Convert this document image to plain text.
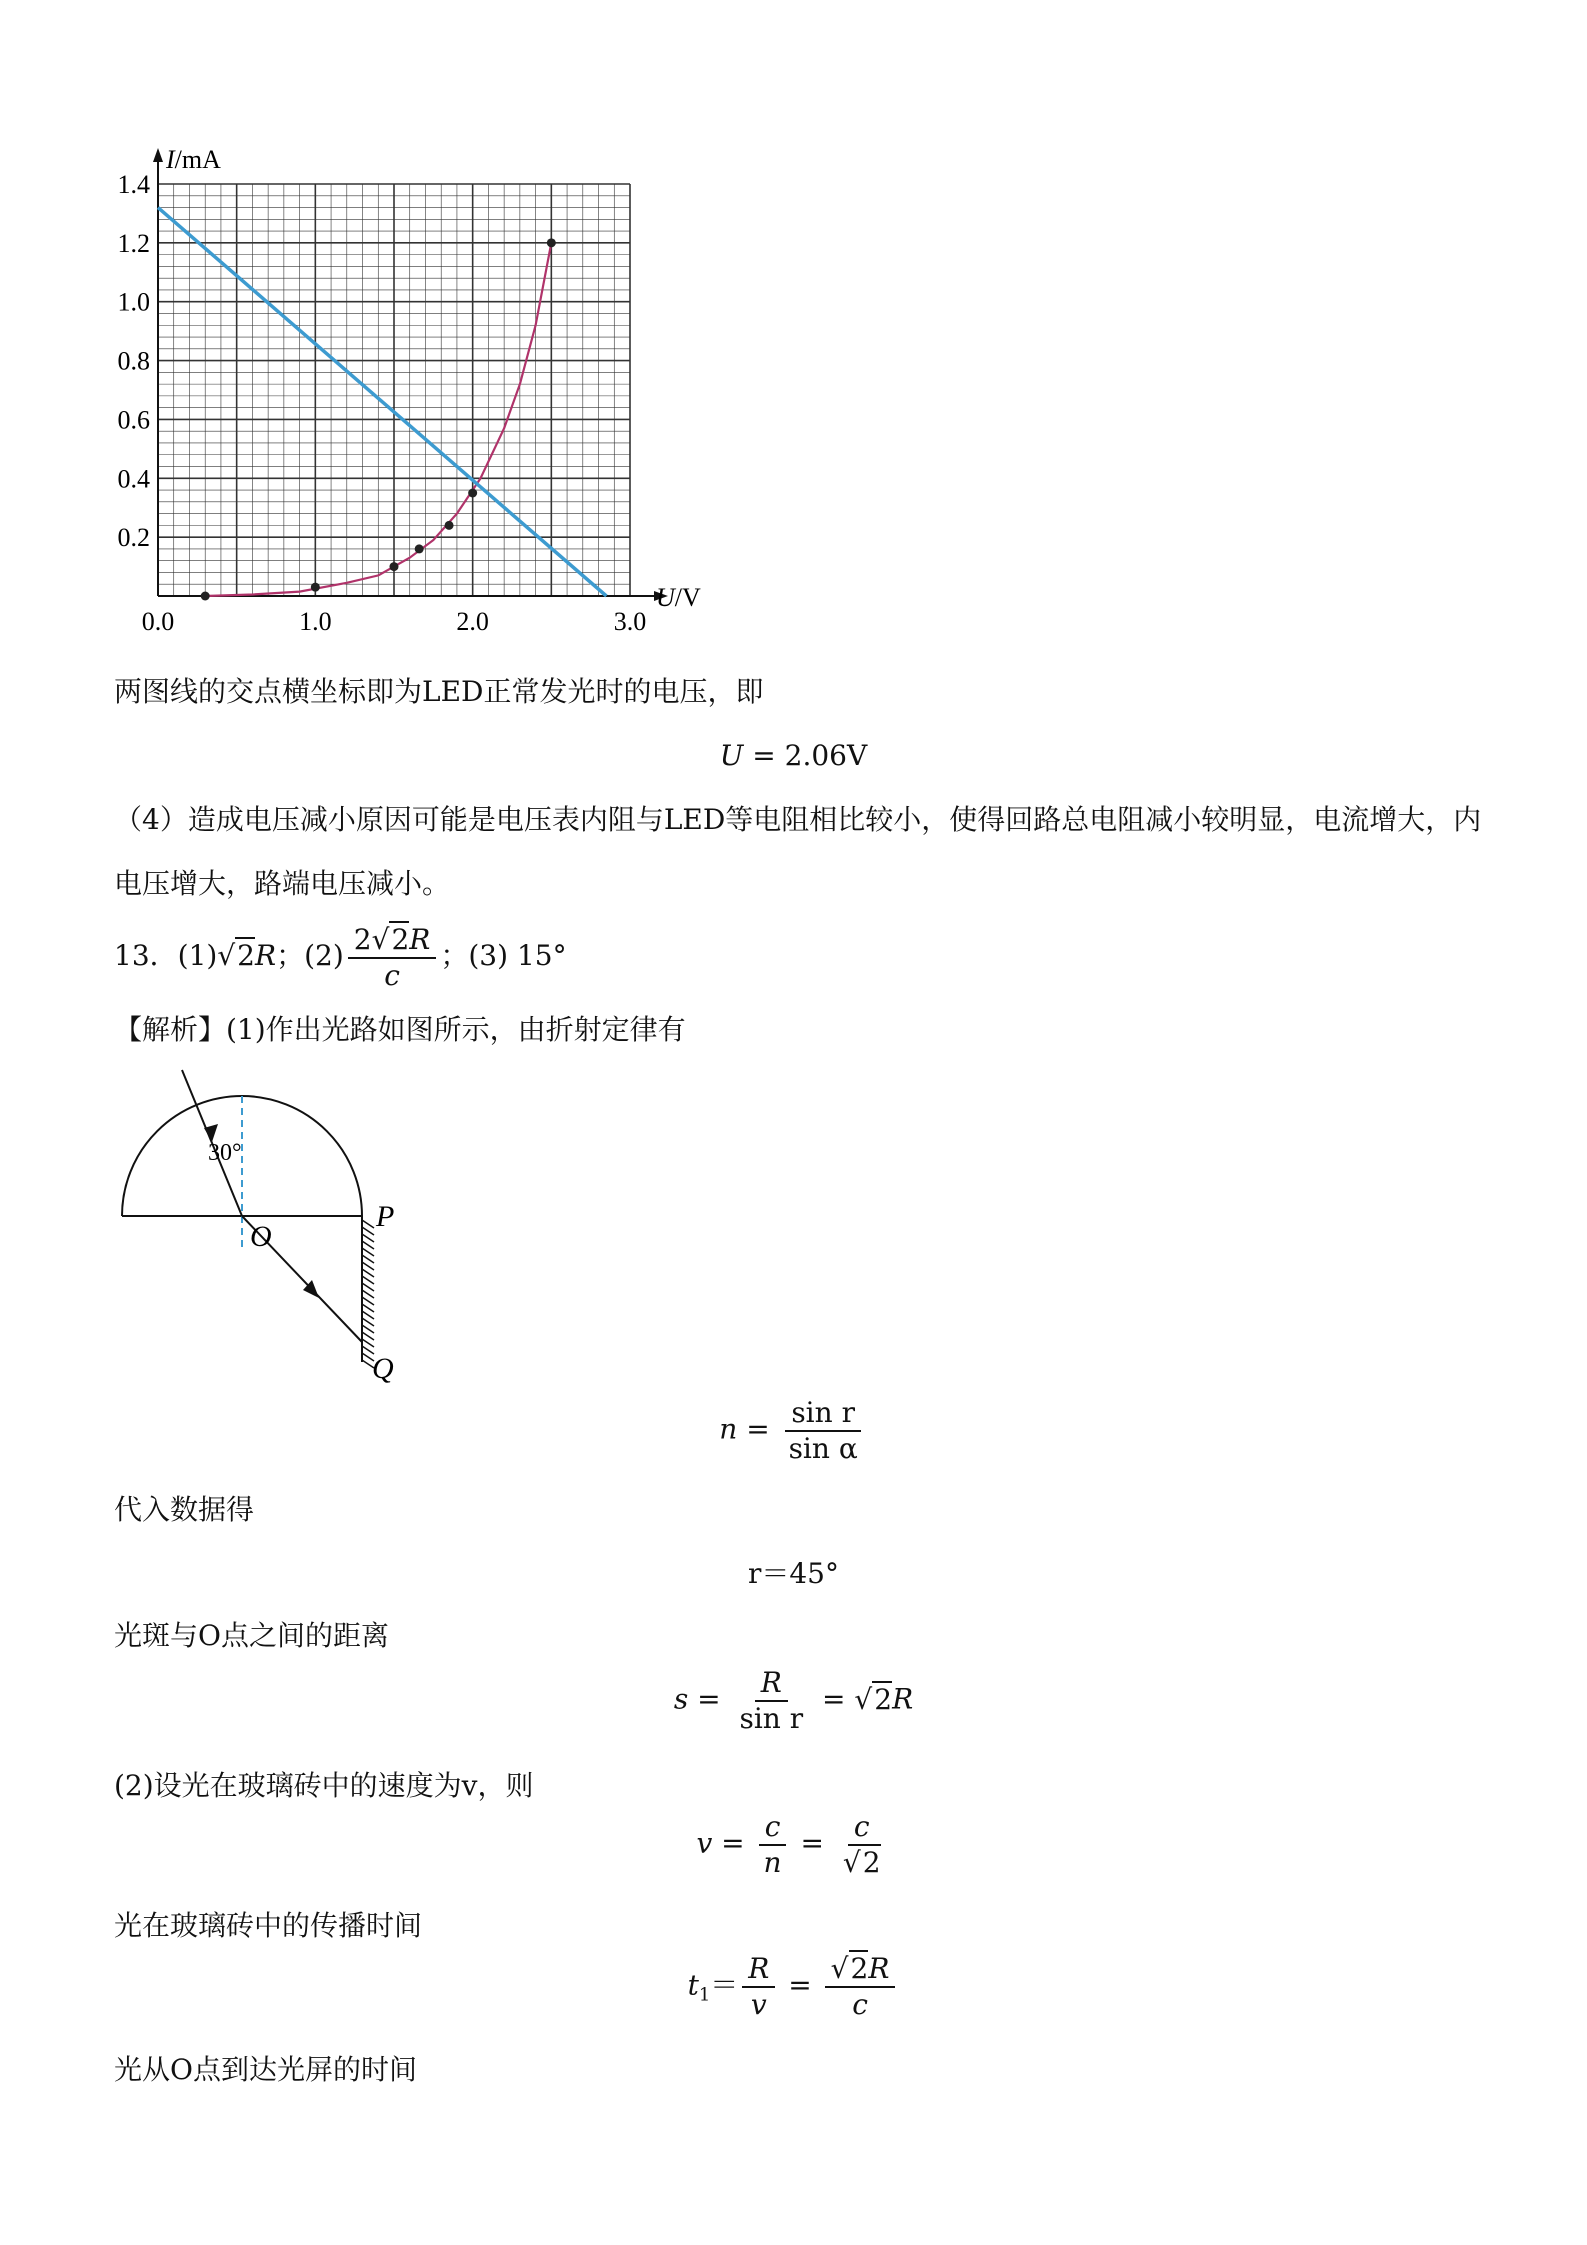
0.2
0.4
0.6
0.8
1.0
1.2
1.4
0.0	1.0	2.0	3.0
I/mA
U/V
两图线的交点横坐标即为LED正常发光时的电压，即
U = 2.06V
（4）造成电压减小原因可能是电压表内阻与LED等电阻相比较小，使得回路总电阻减小较明显，电流增大，内
电压增大，路端电压减小。
13．(1)√2R；$(2) \frac{2√2R}{c}$ ；(3) 15°
【解析】(1)作出光路如图所示，由折射定律有
30°
O
P
Q
$n = \frac{\text{sin r}}{\text{sin α}}$
代入数据得
r＝45°
光斑与O点之间的距离
$s = \frac{R}{\text{sin r}} = √2R$
(2)设光在玻璃砖中的速度为v，则
$v = \frac{c}{n} = \frac{c}{√2}$
光在玻璃砖中的传播时间
$t_1= \frac{R}{v} = \frac{√2R}{c}$
光从O点到达光屏的时间
